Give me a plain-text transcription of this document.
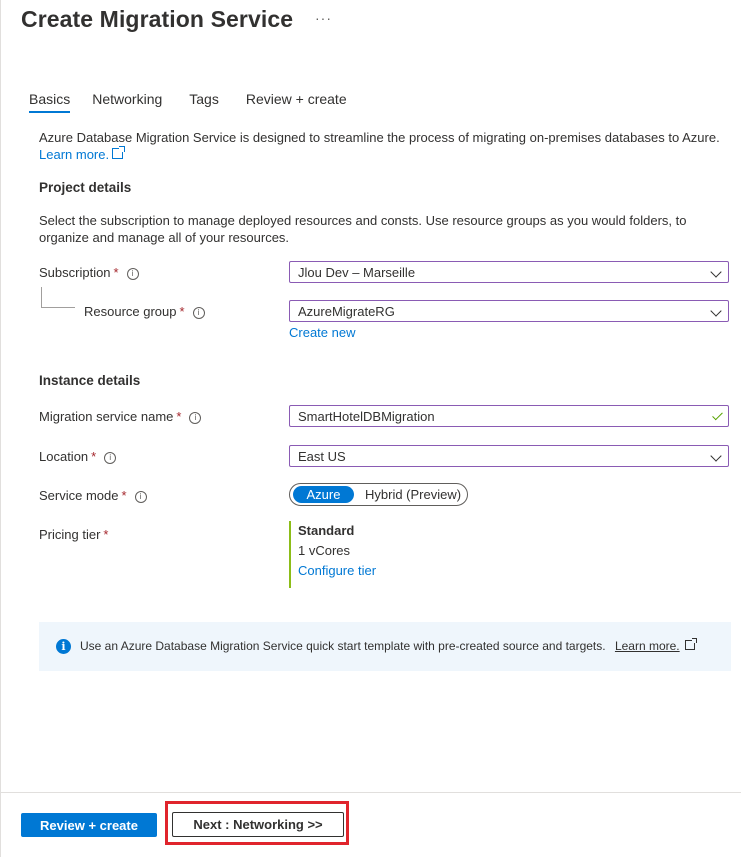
Create Migration Service ···
Basics Networking Tags Review + create
Azure Database Migration Service is designed to streamline the process of migrating on-premises databases to Azure.
Learn more.
Project details
Select the subscription to manage deployed resources and consts. Use resource groups as you would folders, to organize and manage all of your resources.
Subscription * i	Jlou Dev – Marseille
Resource group * i	AzureMigrateRG
Create new
Instance details
Migration service name * i	SmartHotelDBMigration
Location * i	East US
Service mode * i	Azure	Hybrid (Preview)
Pricing tier *	Standard
1 vCores
Configure tier
i	Use an Azure Database Migration Service quick start template with pre-created source and targets. Learn more.
Review + create	Next : Networking >>
